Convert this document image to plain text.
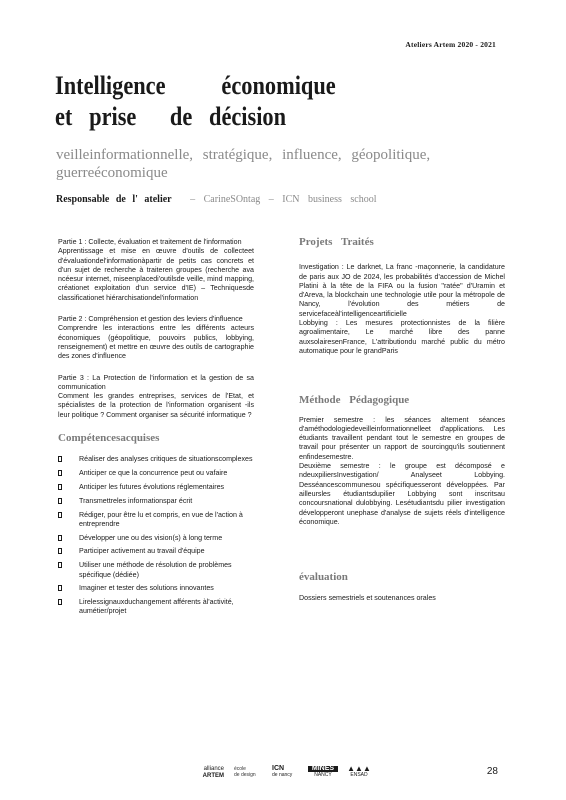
Ateliers Artem 2020 - 2021
Intelligence          économique
et   prise      de   décision
veilleinformationnelle, stratégique, influence, géopolitique, guerreéconomique
Responsable de l' atelier – CarineSOntag – ICN business school

Partie 1 : Collecte, évaluation et traitement de l'information
Apprentissage et mise en œuvre d'outils de collecteet d'évaluationdel'informationàpartir de petits cas concrets et d'un sujet de recherche à traiteren groupes (recherche ava ncéesur internet, miseenplacedi'outilsde veille, mind mapping, créationet exploitation d'un service d'IE) – Techniquesde classificationet hiérarchisationdel'information

Partie 2 : Compréhension et gestion des leviers d'influence
Comprendre les interactions entre les différents acteurs économiques (géopolitique, pouvoirs publics, lobbying, renseignement) et mettre en œuvre des outils de cartographie des zones d'influence

Partie 3 : La Protection de l'information et la gestion de sa communication
Comment les grandes entreprises, services de l'Etat, et spécialistes de la protection de l'information organisent -ils leur politique ? Comment organiser sa sécurité informatique ?

Compétencesacquises
Réaliser des analyses critiques de situationscomplexes
Anticiper ce que la concurrence peut ou vafaire
Anticiper les futures évolutions réglementaires
Transmettreles informationspar écrit
Rédiger, pour être lu et compris, en vue de l'action à entreprendre
Développer une ou des vision(s) à long terme
Participer activement au travail d'équipe
Utiliser une méthode de résolution de problèmes spécifique (dédiée)
Imaginer et tester des solutions innovantes
Lirelessignauxduchangement afférents àl'activité, aumétier/projet
Projets Traités

Investigation : Le darknet, La franc -maçonnerie, la candidature de paris aux JO de 2024, les probabilités d'accession de Michel Platini à la tête de la FIFA ou la fusion "ratée" d'Uramin et d'Areva, la blockchain une technologie utile pour la métropole de Nancy, l'évolution des métiers de servicefaceàl'intelligenceartificielle
Lobbying : Les mesures protectionnistes de la filière agroalimentaire, Le marché libre des panne auxsolairesenFrance, L'attributiondu marché public du métro automatique pour le grandParis

Méthode Pédagogique

Premier semestre : les séances alternent séances d'améthodologiedeveilleinformationnelleet d'applications. Les étudiants travaillent pendant tout le semestre en groupes de travail pour présenter un rapport de sourcingqu'ils soutiennent enfindesemestre.
Deuxième semestre : le groupe est décomposé e ndeuxpiliersInvestigation/ Analyseet Lobbying. Desséancescommunesou spécifiquesseront développées. Par ailleursles étudiantsdupilier Lobbying sont inscritsau concoursnational dulobbying. Lesétudiantsdu pilier investigation développeront unephase d'analyse de sujets réels d'intelligence économique.

évaluation

Dossiers semestriels et soutenances orales

alliance
ARTEM
école
de design
ICN
de nancy
MINES
NANCY
▲▲▲
ENSAD	28
